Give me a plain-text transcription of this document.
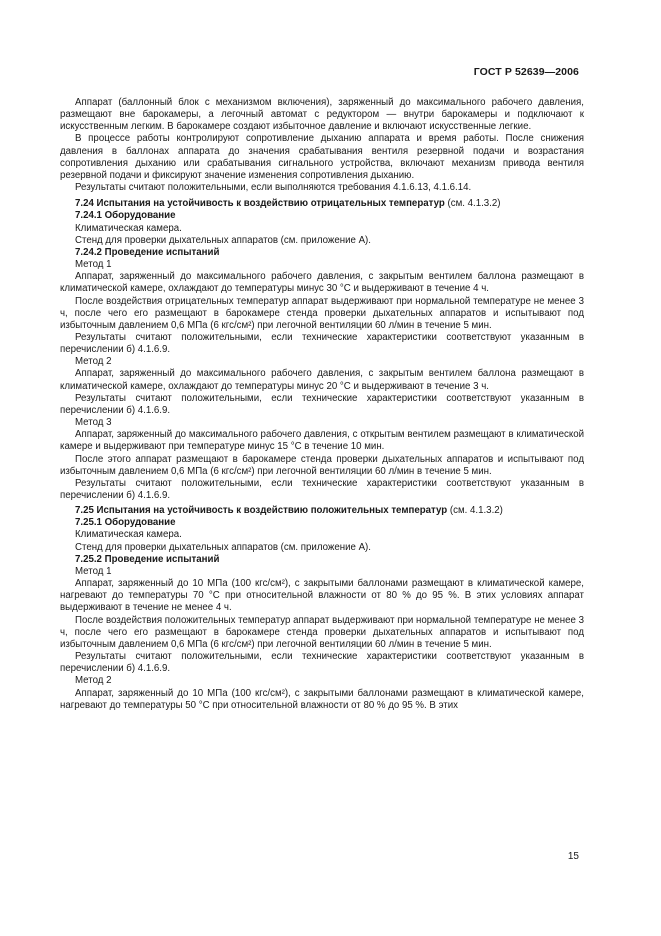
ГОСТ Р 52639—2006

Аппарат (баллонный блок с механизмом включения), заряженный до максимального рабочего давления, размещают вне барокамеры, а легочный автомат с редуктором — внутри барокамеры и подключают к искусственным легким. В барокамере создают избыточное давление и включают искусственные легкие.

В процессе работы контролируют сопротивление дыханию аппарата и время работы. После снижения давления в баллонах аппарата до значения срабатывания вентиля резервной подачи и возрастания сопротивления дыханию или срабатывания сигнального устройства, включают механизм привода вентиля резервной подачи и фиксируют значение изменения сопротивления дыханию.

Результаты считают положительными, если выполняются требования 4.1.6.13, 4.1.6.14.

7.24 Испытания на устойчивость к воздействию отрицательных температур (см. 4.1.3.2)

7.24.1 Оборудование

Климатическая камера.

Стенд для проверки дыхательных аппаратов (см. приложение А).

7.24.2 Проведение испытаний

Метод 1

Аппарат, заряженный до максимального рабочего давления, с закрытым вентилем баллона размещают в климатической камере, охлаждают до температуры минус 30 °С и выдерживают в течение 4 ч.

После воздействия отрицательных температур аппарат выдерживают при нормальной температуре не менее 3 ч, после чего его размещают в барокамере стенда проверки дыхательных аппаратов и испытывают под избыточным давлением 0,6 МПа (6 кгс/см²) при легочной вентиляции 60 л/мин в течение 5 мин.

Результаты считают положительными, если технические характеристики соответствуют указанным в перечислении б) 4.1.6.9.

Метод 2

Аппарат, заряженный до максимального рабочего давления, с закрытым вентилем баллона размещают в климатической камере, охлаждают до температуры минус 20 °С и выдерживают в течение 3 ч.

Результаты считают положительными, если технические характеристики соответствуют указанным в перечислении б) 4.1.6.9.

Метод 3

Аппарат, заряженный до максимального рабочего давления, с открытым вентилем размещают в климатической камере и выдерживают при температуре минус 15 °С в течение 10 мин.

После этого аппарат размещают в барокамере стенда проверки дыхательных аппаратов и испытывают под избыточным давлением 0,6 МПа (6 кгс/см²) при легочной вентиляции 60 л/мин в течение 5 мин.

Результаты считают положительными, если технические характеристики соответствуют указанным в перечислении б) 4.1.6.9.

7.25 Испытания на устойчивость к воздействию положительных температур (см. 4.1.3.2)

7.25.1 Оборудование

Климатическая камера.

Стенд для проверки дыхательных аппаратов (см. приложение А).

7.25.2 Проведение испытаний

Метод 1

Аппарат, заряженный до 10 МПа (100 кгс/см²), с закрытыми баллонами размещают в климатической камере, нагревают до температуры 70 °С при относительной влажности от 80 % до 95 %. В этих условиях аппарат выдерживают в течение не менее 4 ч.

После воздействия положительных температур аппарат выдерживают при нормальной температуре не менее 3 ч, после чего его размещают в барокамере стенда проверки дыхательных аппаратов и испытывают под избыточным давлением 0,6 МПа (6 кгс/см²) при легочной вентиляции 60 л/мин в течение 5 мин.

Результаты считают положительными, если технические характеристики соответствуют указанным в перечислении б) 4.1.6.9.

Метод 2

Аппарат, заряженный до 10 МПа (100 кгс/см²), с закрытыми баллонами размещают в климатической камере, нагревают до температуры 50 °С при относительной влажности от 80 % до 95 %. В этих

15
